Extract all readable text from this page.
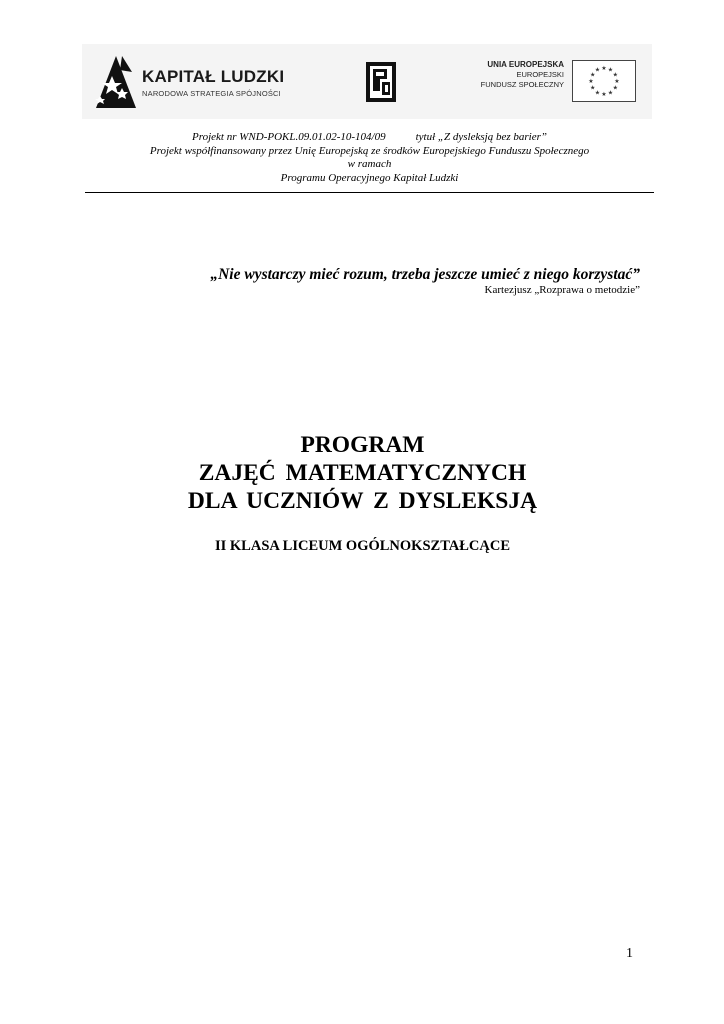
KAPITAŁ LUDZKI
NARODOWA STRATEGIA SPÓJNOŚCI
UNIA EUROPEJSKA
EUROPEJSKI
FUNDUSZ SPOŁECZNY
★ ★
★
★
★
★
★
★
★
★
★
★
Projekt nr WND-POKL.09.01.02-10-104/09	tytuł „Z dysleksją bez barier”
Projekt współfinansowany przez Unię Europejską ze środków Europejskiego Funduszu Społecznego
w ramach
Programu Operacyjnego Kapitał Ludzki
„Nie wystarczy mieć rozum, trzeba jeszcze umieć z niego korzystać”
Kartezjusz „Rozprawa o metodzie”
PROGRAM
ZAJĘĆ MATEMATYCZNYCH
DLA UCZNIÓW Z DYSLEKSJĄ
II KLASA LICEUM OGÓLNOKSZTAŁCĄCE
1
